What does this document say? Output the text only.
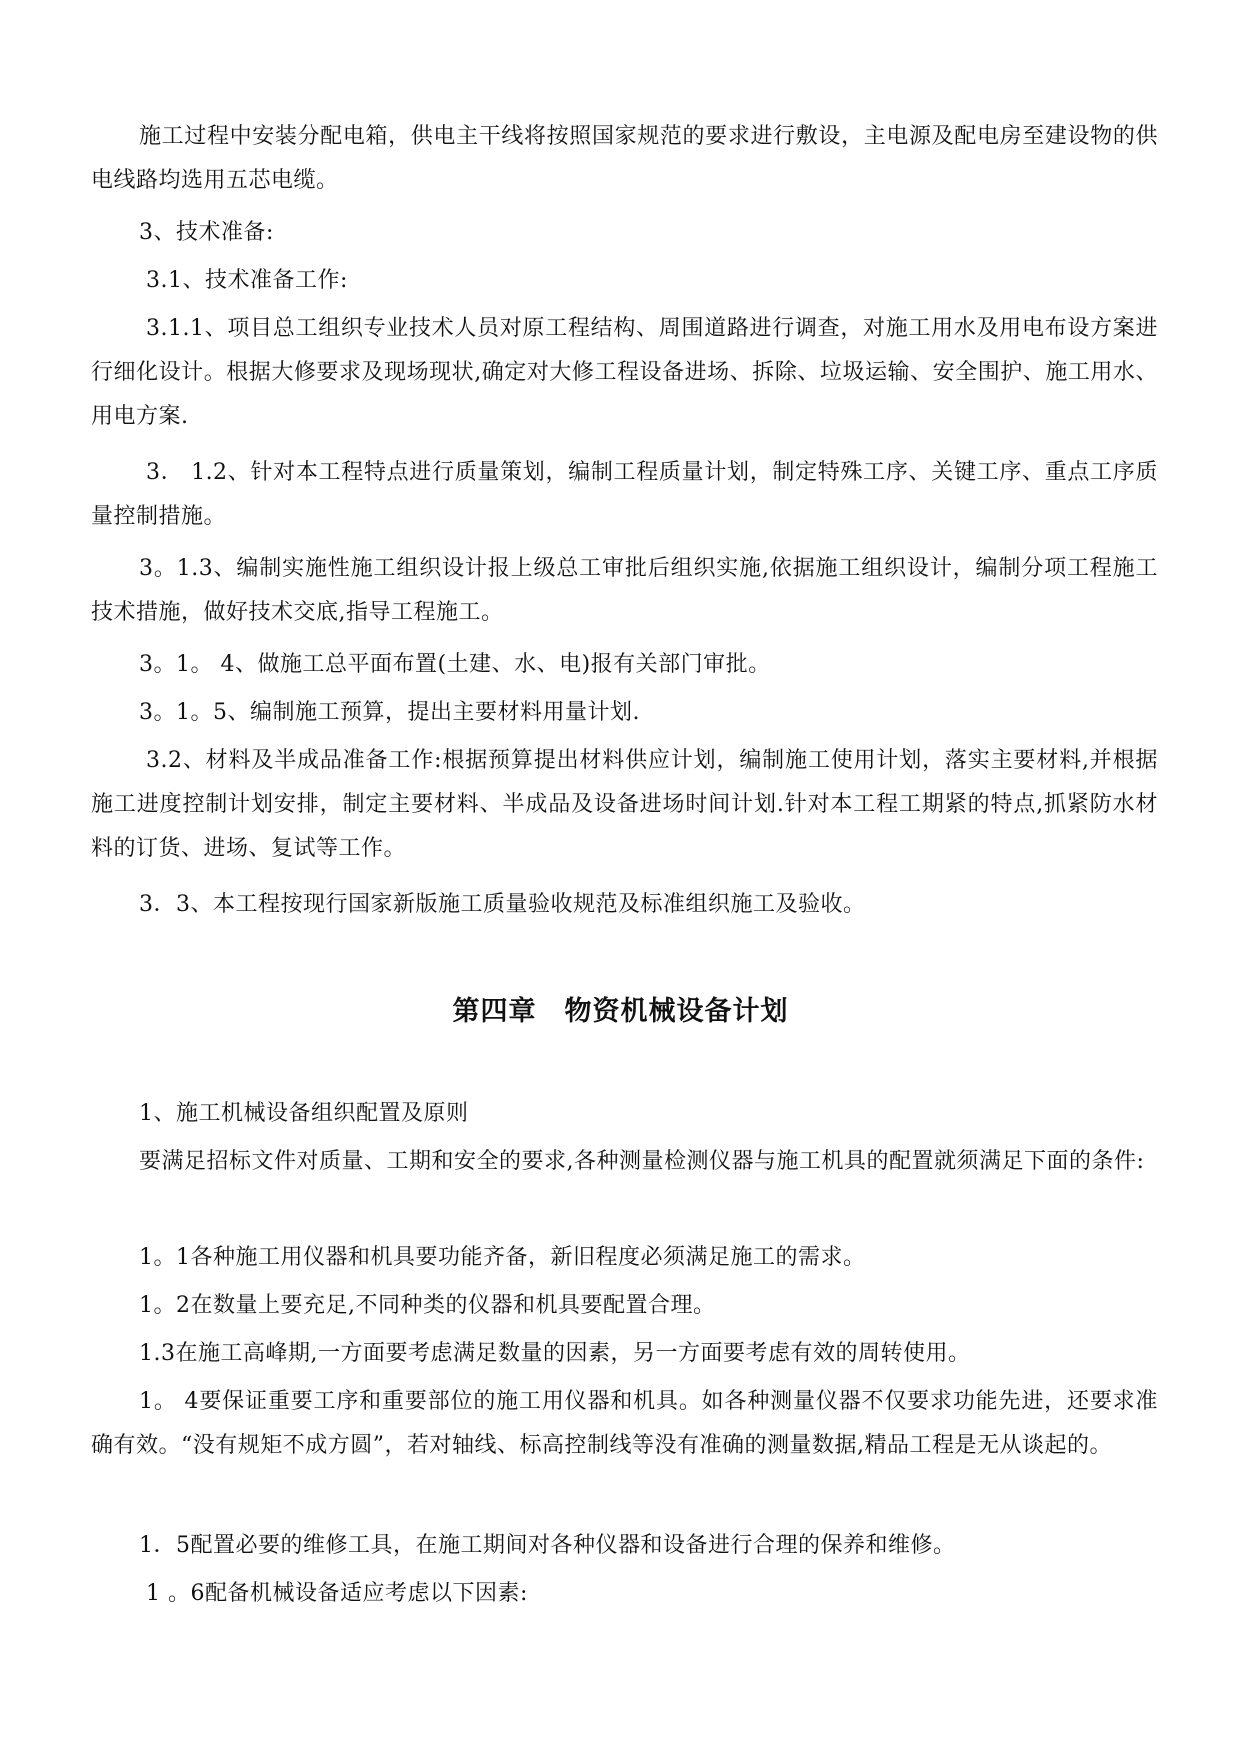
施工过程中安装分配电箱，供电主干线将按照国家规范的要求进行敷设，主电源及配电房至建设物的供电线路均选用五芯电缆。

3、技术准备:

3.1、技术准备工作:

3.1.1、项目总工组织专业技术人员对原工程结构、周围道路进行调查，对施工用水及用电布设方案进行细化设计。根据大修要求及现场现状,确定对大修工程设备进场、拆除、垃圾运输、安全围护、施工用水、用电方案.

3． 1.2、针对本工程特点进行质量策划，编制工程质量计划，制定特殊工序、关键工序、重点工序质量控制措施。

3。1.3、编制实施性施工组织设计报上级总工审批后组织实施,依据施工组织设计，编制分项工程施工技术措施，做好技术交底,指导工程施工。

3。1。 4、做施工总平面布置(土建、水、电)报有关部门审批。

3。1。5、编制施工预算，提出主要材料用量计划.

3.2、材料及半成品准备工作:根据预算提出材料供应计划，编制施工使用计划，落实主要材料,并根据施工进度控制计划安排，制定主要材料、半成品及设备进场时间计划.针对本工程工期紧的特点,抓紧防水材料的订货、进场、复试等工作。

3．3、本工程按现行国家新版施工质量验收规范及标准组织施工及验收。

第四章　物资机械设备计划

1、施工机械设备组织配置及原则

要满足招标文件对质量、工期和安全的要求,各种测量检测仪器与施工机具的配置就须满足下面的条件:

1。1各种施工用仪器和机具要功能齐备，新旧程度必须满足施工的需求。

1。2在数量上要充足,不同种类的仪器和机具要配置合理。

1.3在施工高峰期,一方面要考虑满足数量的因素，另一方面要考虑有效的周转使用。

1。 4要保证重要工序和重要部位的施工用仪器和机具。如各种测量仪器不仅要求功能先进，还要求准确有效。“没有规矩不成方圆”，若对轴线、标高控制线等没有准确的测量数据,精品工程是无从谈起的。

1．5配置必要的维修工具，在施工期间对各种仪器和设备进行合理的保养和维修。

1 。6配备机械设备适应考虑以下因素:
